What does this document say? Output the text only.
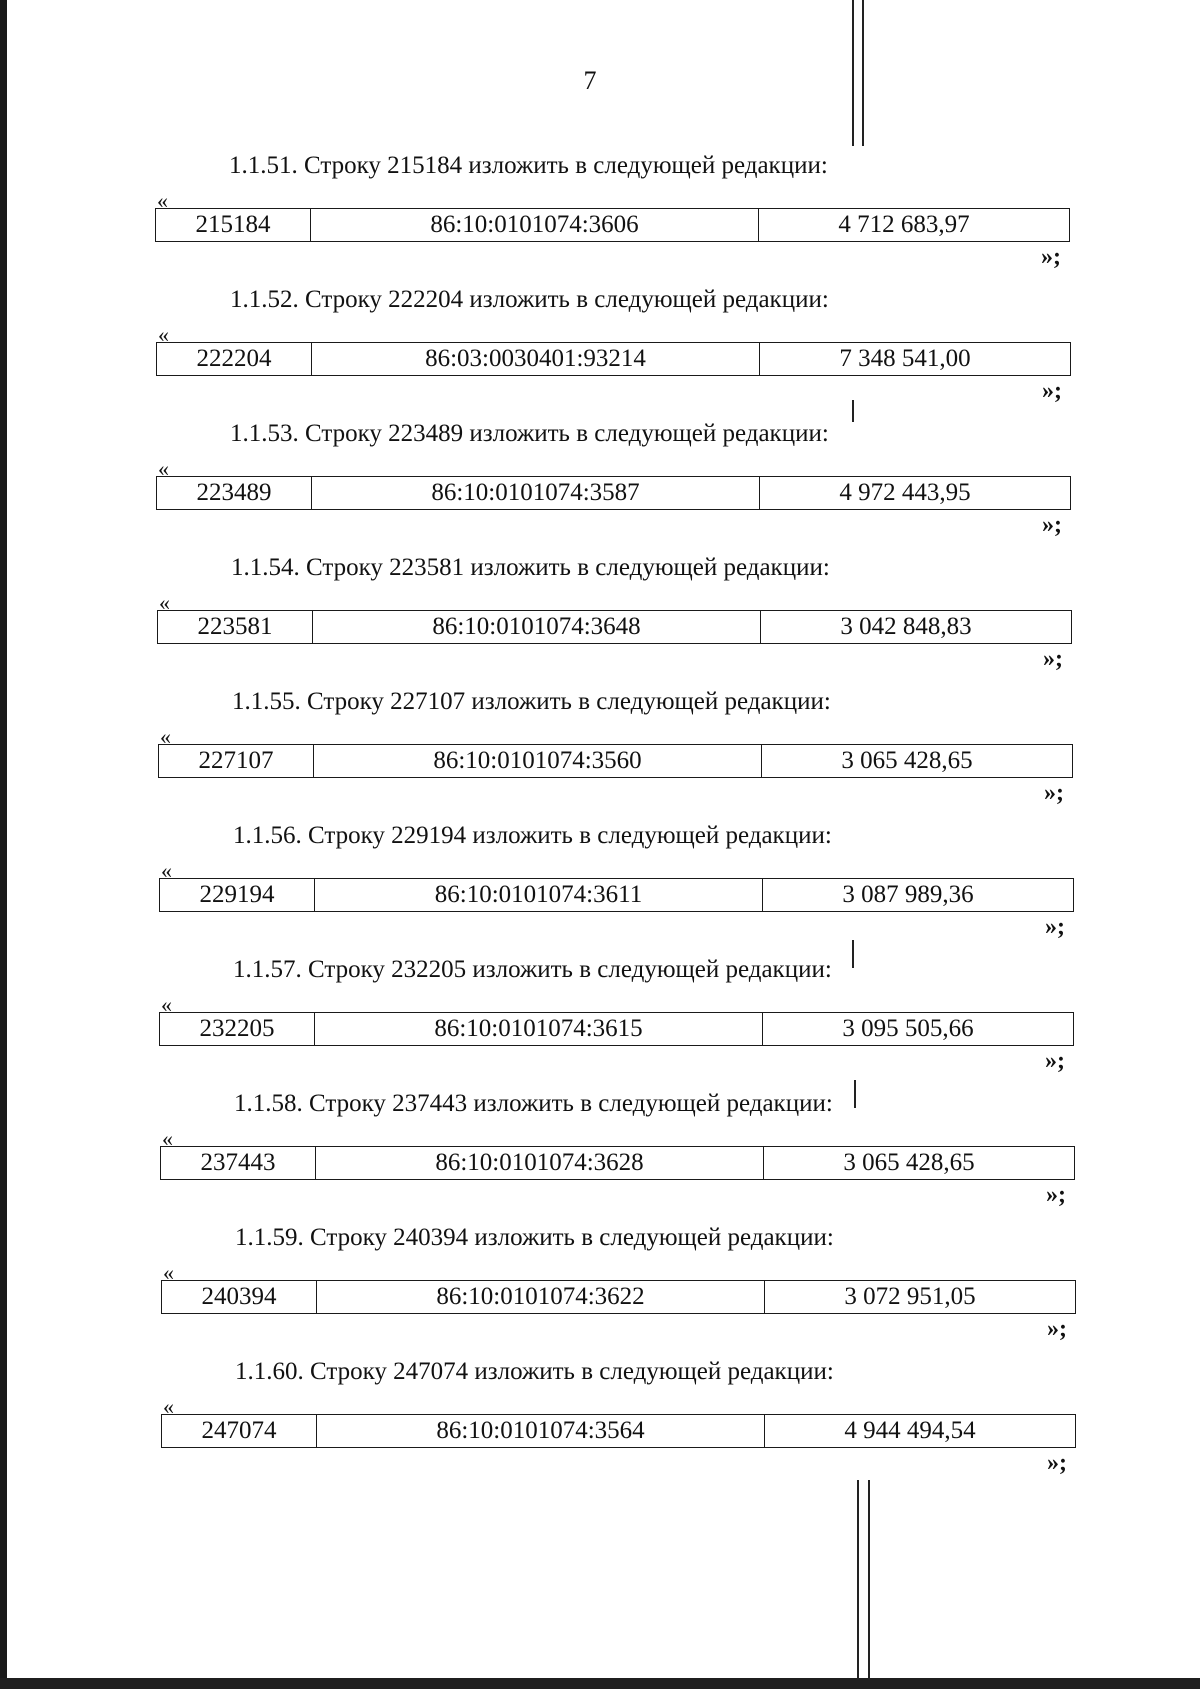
7
1.1.51. Строку 215184 изложить в следующей редакции:
«
215184	86:10:0101074:3606	4 712 683,97
»;
1.1.52. Строку 222204 изложить в следующей редакции:
«
222204	86:03:0030401:93214	7 348 541,00
»;
1.1.53. Строку 223489 изложить в следующей редакции:
«
223489	86:10:0101074:3587	4 972 443,95
»;
1.1.54. Строку 223581 изложить в следующей редакции:
«
223581	86:10:0101074:3648	3 042 848,83
»;
1.1.55. Строку 227107 изложить в следующей редакции:
«
227107	86:10:0101074:3560	3 065 428,65
»;
1.1.56. Строку 229194 изложить в следующей редакции:
«
229194	86:10:0101074:3611	3 087 989,36
»;
1.1.57. Строку 232205 изложить в следующей редакции:
«
232205	86:10:0101074:3615	3 095 505,66
»;
1.1.58. Строку 237443 изложить в следующей редакции:
«
237443	86:10:0101074:3628	3 065 428,65
»;
1.1.59. Строку 240394 изложить в следующей редакции:
«
240394	86:10:0101074:3622	3 072 951,05
»;
1.1.60. Строку 247074 изложить в следующей редакции:
«
247074	86:10:0101074:3564	4 944 494,54
»;
